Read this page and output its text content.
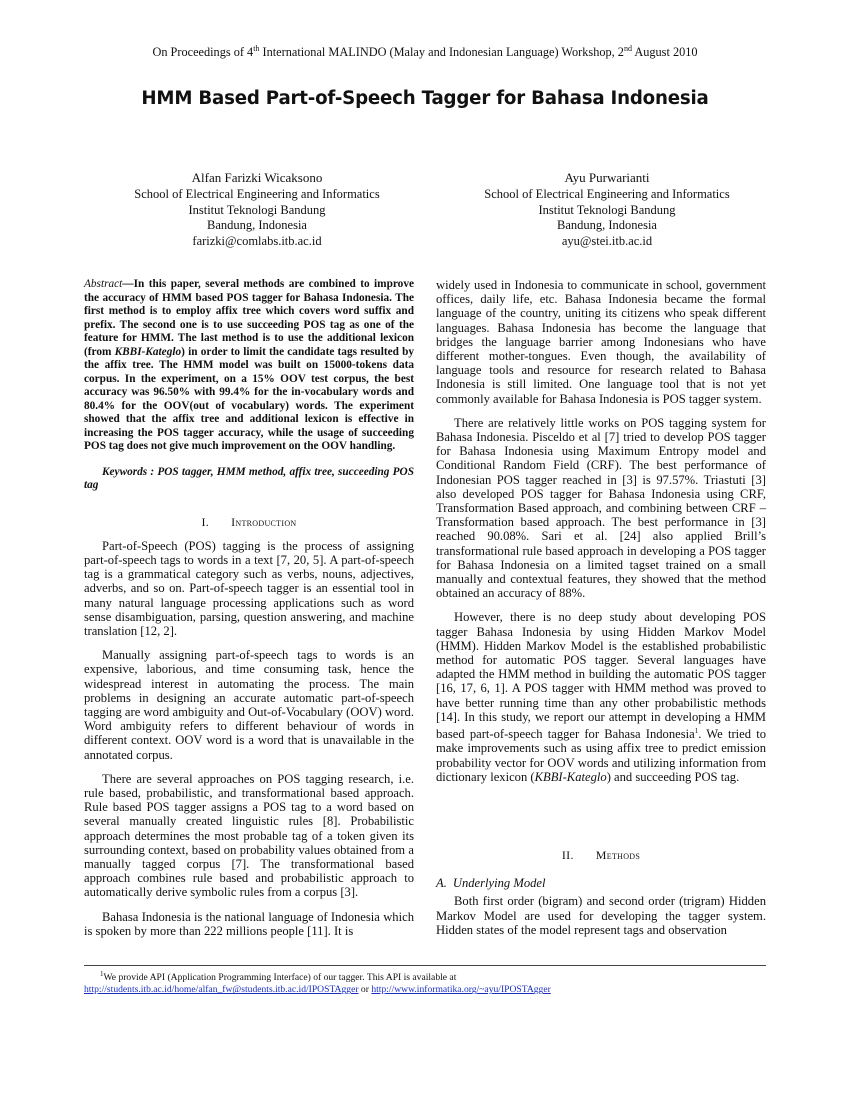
On Proceedings of 4th International MALINDO (Malay and Indonesian Language) Workshop, 2nd August 2010
HMM Based Part-of-Speech Tagger for Bahasa Indonesia
Alfan Farizki Wicaksono
School of Electrical Engineering and Informatics
Institut Teknologi Bandung
Bandung, Indonesia
farizki@comlabs.itb.ac.id
Ayu Purwarianti
School of Electrical Engineering and Informatics
Institut Teknologi Bandung
Bandung, Indonesia
ayu@stei.itb.ac.id

Abstract—In this paper, several methods are combined to improve the accuracy of HMM based POS tagger for Bahasa Indonesia. The first method is to employ affix tree which covers word suffix and prefix. The second one is to use succeeding POS tag as one of the feature for HMM. The last method is to use the additional lexicon (from KBBI-Kateglo) in order to limit the candidate tags resulted by the affix tree. The HMM model was built on 15000-tokens data corpus. In the experiment, on a 15% OOV test corpus, the best accuracy was 96.50% with 99.4% for the in-vocabulary words and 80.4% for the OOV(out of vocabulary) words. The experiment showed that the affix tree and additional lexicon is effective in increasing the POS tagger accuracy, while the usage of succeeding POS tag does not give much improvement on the OOV handling.

Keywords : POS tagger, HMM method, affix tree, succeeding POS tag

I. Introduction

Part-of-Speech (POS) tagging is the process of assigning part-of-speech tags to words in a text [7, 20, 5]. A part-of-speech tag is a grammatical category such as verbs, nouns, adjectives, adverbs, and so on. Part-of-speech tagger is an essential tool in many natural language processing applications such as word sense disambiguation, parsing, question answering, and machine translation [12, 2].

Manually assigning part-of-speech tags to words is an expensive, laborious, and time consuming task, hence the widespread interest in automating the process. The main problems in designing an accurate automatic part-of-speech tagging are word ambiguity and Out-of-Vocabulary (OOV) word. Word ambiguity refers to different behaviour of words in different context. OOV word is a word that is unavailable in the annotated corpus.

There are several approaches on POS tagging research, i.e. rule based, probabilistic, and transformational based approach. Rule based POS tagger assigns a POS tag to a word based on several manually created linguistic rules [8]. Probabilistic approach determines the most probable tag of a token given its surrounding context, based on probability values obtained from a manually tagged corpus [7]. The transformational based approach combines rule based and probabilistic approach to automatically derive symbolic rules from a corpus [3].

Bahasa Indonesia is the national language of Indonesia which is spoken by more than 222 millions people [11]. It is

widely used in Indonesia to communicate in school, government offices, daily life, etc. Bahasa Indonesia became the formal language of the country, uniting its citizens who speak different languages. Bahasa Indonesia has become the language that bridges the language barrier among Indonesians who have different mother-tongues. Even though, the availability of language tools and resource for research related to Bahasa Indonesia is still limited. One language tool that is not yet commonly available for Bahasa Indonesia is POS tagger system.

There are relatively little works on POS tagging system for Bahasa Indonesia. Pisceldo et al [7] tried to develop POS tagger for Bahasa Indonesia using Maximum Entropy model and Conditional Random Field (CRF). The best performance of Indonesian POS tagger reached in [3] is 97.57%. Triastuti [3] also developed POS tagger for Bahasa Indonesia using CRF, Transformation Based approach, and combining between CRF – Transformation based approach. The best performance in [3] reached 90.08%. Sari et al. [24] also applied Brill’s transformational rule based approach in developing a POS tagger for Bahasa Indonesia on a limited tagset trained on a small manually and contextual features, they showed that the method obtained an accuracy of 88%.

However, there is no deep study about developing POS tagger Bahasa Indonesia by using Hidden Markov Model (HMM). Hidden Markov Model is the established probabilistic method for automatic POS tagger. Several languages have adapted the HMM method in building the automatic POS tagger [16, 17, 6, 1]. A POS tagger with HMM method was proved to have better running time than any other probabilistic methods [14]. In this study, we report our attempt in developing a HMM based part-of-speech tagger for Bahasa Indonesia$^1$. We tried to make improvements such as using affix tree to predict emission probability vector for OOV words and utilizing information from dictionary lexicon (KBBI-Kateglo) and succeeding POS tag.

II. Methods

A. Underlying Model

Both first order (bigram) and second order (trigram) Hidden Markov Model are used for developing the tagger system. Hidden states of the model represent tags and observation

$^1$We provide API (Application Programming Interface) of our tagger. This API is available at
http://students.itb.ac.id/home/alfan_fw@students.itb.ac.id/IPOSTAgger or http://www.informatika.org/~ayu/IPOSTAgger
